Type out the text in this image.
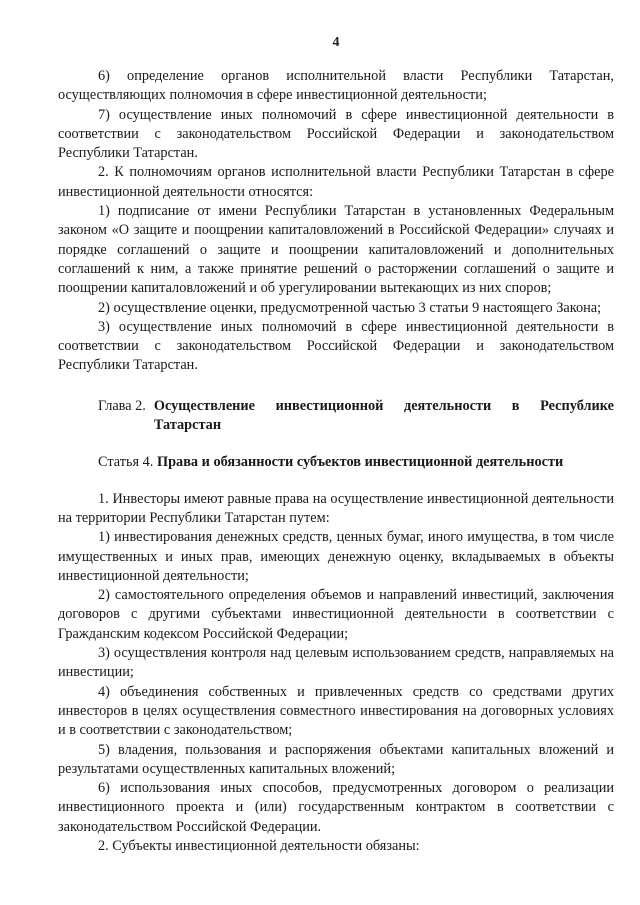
4

6) определение органов исполнительной власти Республики Татарстан, осуществляющих полномочия в сфере инвестиционной деятельности;

7) осуществление иных полномочий в сфере инвестиционной деятельности в соответствии с законодательством Российской Федерации и законодательством Республики Татарстан.

2. К полномочиям органов исполнительной власти Республики Татарстан в сфере инвестиционной деятельности относятся:

1) подписание от имени Республики Татарстан в установленных Федеральным законом «О защите и поощрении капиталовложений в Российской Федерации» случаях и порядке соглашений о защите и поощрении капиталовложений и дополнительных соглашений к ним, а также принятие решений о расторжении соглашений о защите и поощрении капиталовложений и об урегулировании вытекающих из них споров;

2) осуществление оценки, предусмотренной частью 3 статьи 9 настоящего Закона;

3) осуществление иных полномочий в сфере инвестиционной деятельности в соответствии с законодательством Российской Федерации и законодательством Республики Татарстан.

Глава 2. Осуществление инвестиционной деятельности в Республике Татарстан
Статья 4. Права и обязанности субъектов инвестиционной деятельности

1. Инвесторы имеют равные права на осуществление инвестиционной деятельности на территории Республики Татарстан путем:

1) инвестирования денежных средств, ценных бумаг, иного имущества, в том числе имущественных и иных прав, имеющих денежную оценку, вкладываемых в объекты инвестиционной деятельности;

2) самостоятельного определения объемов и направлений инвестиций, заключения договоров с другими субъектами инвестиционной деятельности в соответствии с Гражданским кодексом Российской Федерации;

3) осуществления контроля над целевым использованием средств, направляемых на инвестиции;

4) объединения собственных и привлеченных средств со средствами других инвесторов в целях осуществления совместного инвестирования на договорных условиях и в соответствии с законодательством;

5) владения, пользования и распоряжения объектами капитальных вложений и результатами осуществленных капитальных вложений;

6) использования иных способов, предусмотренных договором о реализации инвестиционного проекта и (или) государственным контрактом в соответствии с законодательством Российской Федерации.

2. Субъекты инвестиционной деятельности обязаны:
